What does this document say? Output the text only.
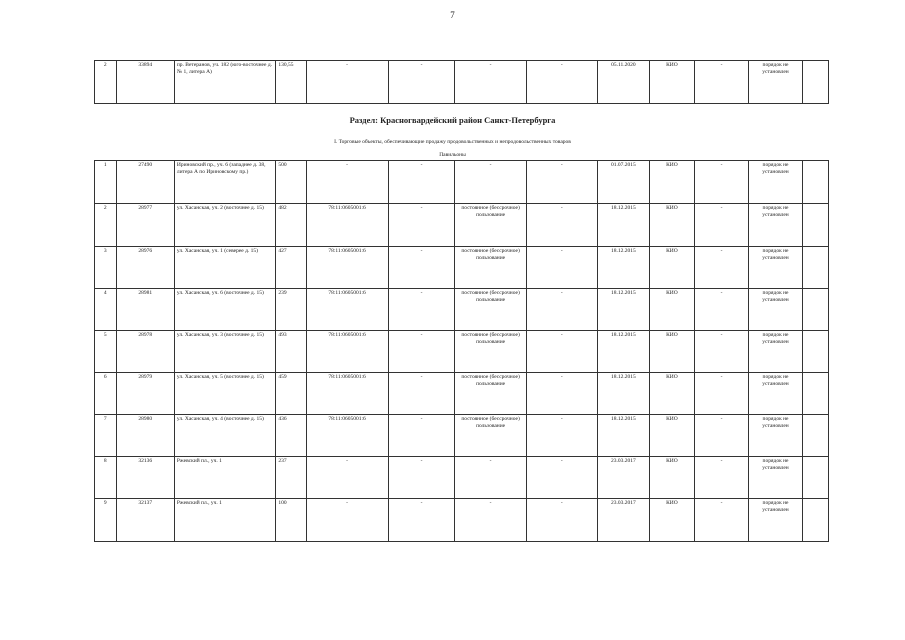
7
2	33894	пр. Ветеранов, уч. 182 (юго-восточнее д. № 1, литера А)	130,55	-	-	-	-	05.11.2020	КИО	-	порядок не установлен	
Раздел: Красногвардейский район Санкт-Петербурга
I. Торговые объекты, обеспечивающие продажу продовольственных и непродовольственных товаров
Павильоны
1	27490	Ириновский пр., уч. 6 (западнее д. 38, литера А по Ириновскому пр.)	500	-	-	-	-	01.07.2015	КИО	-	порядок не установлен	
2	28977	ул. Хасанская, уч. 2 (восточнее д. 15)	482	78:11:0605001:6	-	постоянное (бессрочное) пользование	-	18.12.2015	КИО	-	порядок не установлен	
3	28976	ул. Хасанская, уч. 1 (северее д. 15)	427	78:11:0605001:6	-	постоянное (бессрочное) пользование	-	18.12.2015	КИО	-	порядок не установлен	
4	28981	ул. Хасанская, уч. 6 (восточнее д. 15)	239	78:11:0605001:6	-	постоянное (бессрочное) пользование	-	18.12.2015	КИО	-	порядок не установлен	
5	28978	ул. Хасанская, уч. 3 (восточнее д. 15)	493	78:11:0605001:6	-	постоянное (бессрочное) пользование	-	18.12.2015	КИО	-	порядок не установлен	
6	28979	ул. Хасанская, уч. 5 (восточнее д. 15)	459	78:11:0605001:6	-	постоянное (бессрочное) пользование	-	18.12.2015	КИО	-	порядок не установлен	
7	28980	ул. Хасанская, уч. 4 (восточнее д. 15)	436	78:11:0605001:6	-	постоянное (бессрочное) пользование	-	18.12.2015	КИО	-	порядок не установлен	
8	32136	Ржевский пл., уч. 1	237	-	-	-	-	23.03.2017	КИО	-	порядок не установлен	
9	32137	Ржевский пл., уч. 1	100	-	-	-	-	23.03.2017	КИО	-	порядок не установлен	
